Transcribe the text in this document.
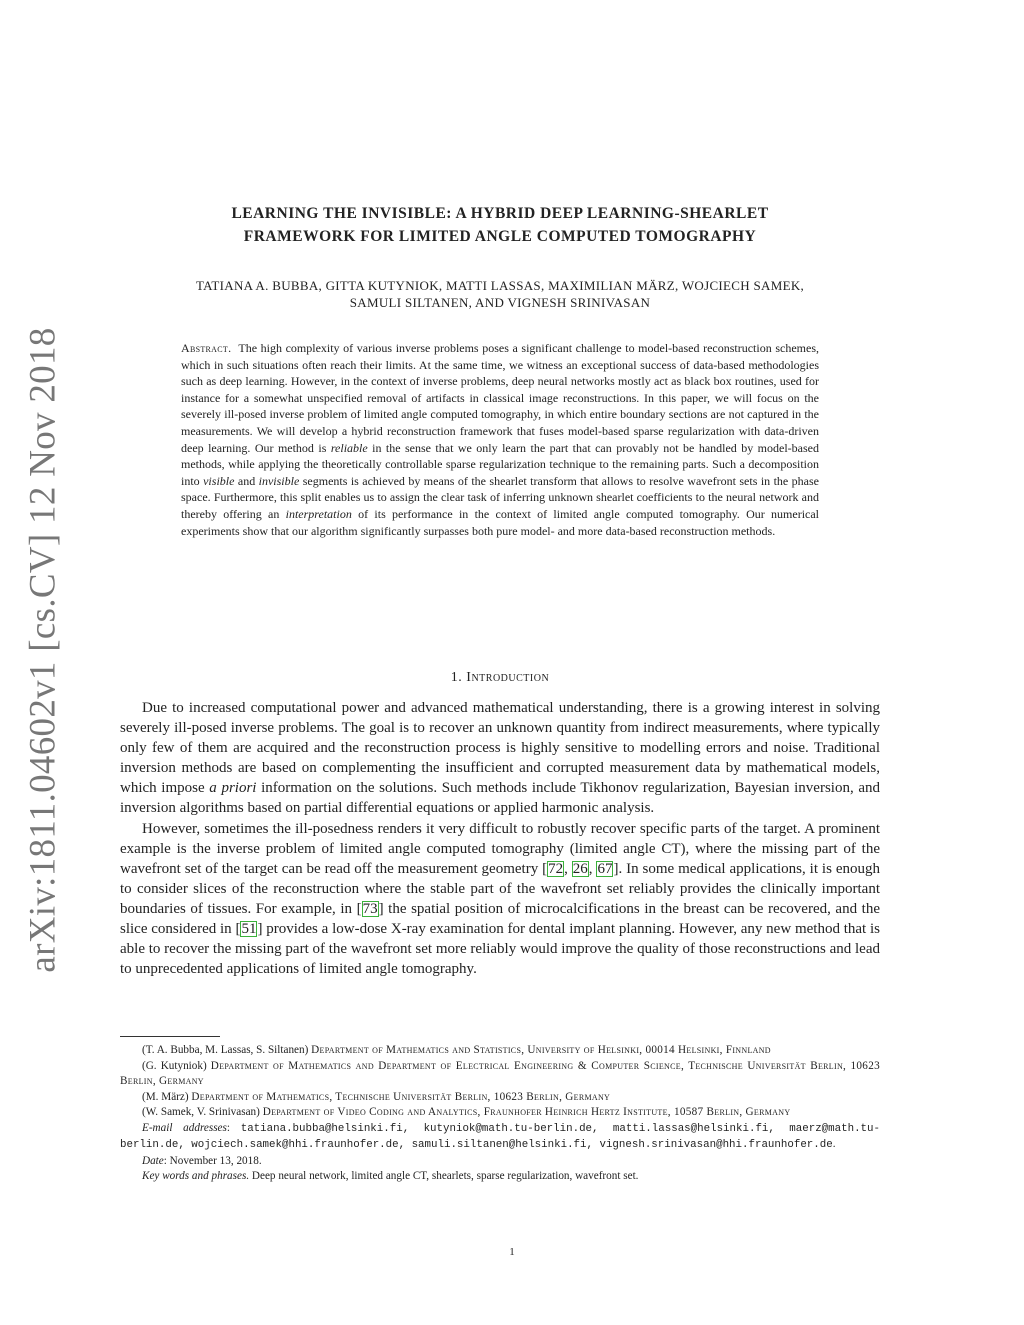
arXiv:1811.04602v1 [cs.CV] 12 Nov 2018
LEARNING THE INVISIBLE: A HYBRID DEEP LEARNING-SHEARLET
FRAMEWORK FOR LIMITED ANGLE COMPUTED TOMOGRAPHY
TATIANA A. BUBBA, GITTA KUTYNIOK, MATTI LASSAS, MAXIMILIAN MÄRZ, WOJCIECH SAMEK,
SAMULI SILTANEN, AND VIGNESH SRINIVASAN
Abstract. The high complexity of various inverse problems poses a significant challenge to model-based reconstruction schemes, which in such situations often reach their limits. At the same time, we witness an exceptional success of data-based methodologies such as deep learning. However, in the context of inverse problems, deep neural networks mostly act as black box routines, used for instance for a somewhat unspecified removal of artifacts in classical image reconstructions. In this paper, we will focus on the severely ill-posed inverse problem of limited angle computed tomography, in which entire boundary sections are not captured in the measurements. We will develop a hybrid reconstruction framework that fuses model-based sparse regularization with data-driven deep learning. Our method is reliable in the sense that we only learn the part that can provably not be handled by model-based methods, while applying the theoretically controllable sparse regularization technique to the remaining parts. Such a decomposition into visible and invisible segments is achieved by means of the shearlet transform that allows to resolve wavefront sets in the phase space. Furthermore, this split enables us to assign the clear task of inferring unknown shearlet coefficients to the neural network and thereby offering an interpretation of its performance in the context of limited angle computed tomography. Our numerical experiments show that our algorithm significantly surpasses both pure model- and more data-based reconstruction methods.
1. Introduction

Due to increased computational power and advanced mathematical understanding, there is a growing interest in solving severely ill-posed inverse problems. The goal is to recover an unknown quantity from indirect measurements, where typically only few of them are acquired and the reconstruction process is highly sensitive to modelling errors and noise. Traditional inversion methods are based on complementing the insufficient and corrupted measurement data by mathematical models, which impose a priori information on the solutions. Such methods include Tikhonov regularization, Bayesian inversion, and inversion algorithms based on partial differential equations or applied harmonic analysis.

However, sometimes the ill-posedness renders it very difficult to robustly recover specific parts of the target. A prominent example is the inverse problem of limited angle computed tomography (limited angle CT), where the missing part of the wavefront set of the target can be read off the measurement geometry [72, 26, 67]. In some medical applications, it is enough to consider slices of the reconstruction where the stable part of the wavefront set reliably provides the clinically important boundaries of tissues. For example, in [73] the spatial position of microcalcifications in the breast can be recovered, and the slice considered in [51] provides a low-dose X-ray examination for dental implant planning. However, any new method that is able to recover the missing part of the wavefront set more reliably would improve the quality of those reconstructions and lead to unprecedented applications of limited angle tomography.

(T. A. Bubba, M. Lassas, S. Siltanen) Department of Mathematics and Statistics, University of Helsinki, 00014 Helsinki, Finnland

(G. Kutyniok) Department of Mathematics and Department of Electrical Engineering & Computer Science, Technische Universität Berlin, 10623 Berlin, Germany

(M. März) Department of Mathematics, Technische Universität Berlin, 10623 Berlin, Germany

(W. Samek, V. Srinivasan) Department of Video Coding and Analytics, Fraunhofer Heinrich Hertz Institute, 10587 Berlin, Germany

E-mail addresses: tatiana.bubba@helsinki.fi, kutyniok@math.tu-berlin.de, matti.lassas@helsinki.fi, maerz@math.tu-berlin.de, wojciech.samek@hhi.fraunhofer.de, samuli.siltanen@helsinki.fi, vignesh.srinivasan@hhi.fraunhofer.de.

Date: November 13, 2018.

Key words and phrases. Deep neural network, limited angle CT, shearlets, sparse regularization, wavefront set.

1
